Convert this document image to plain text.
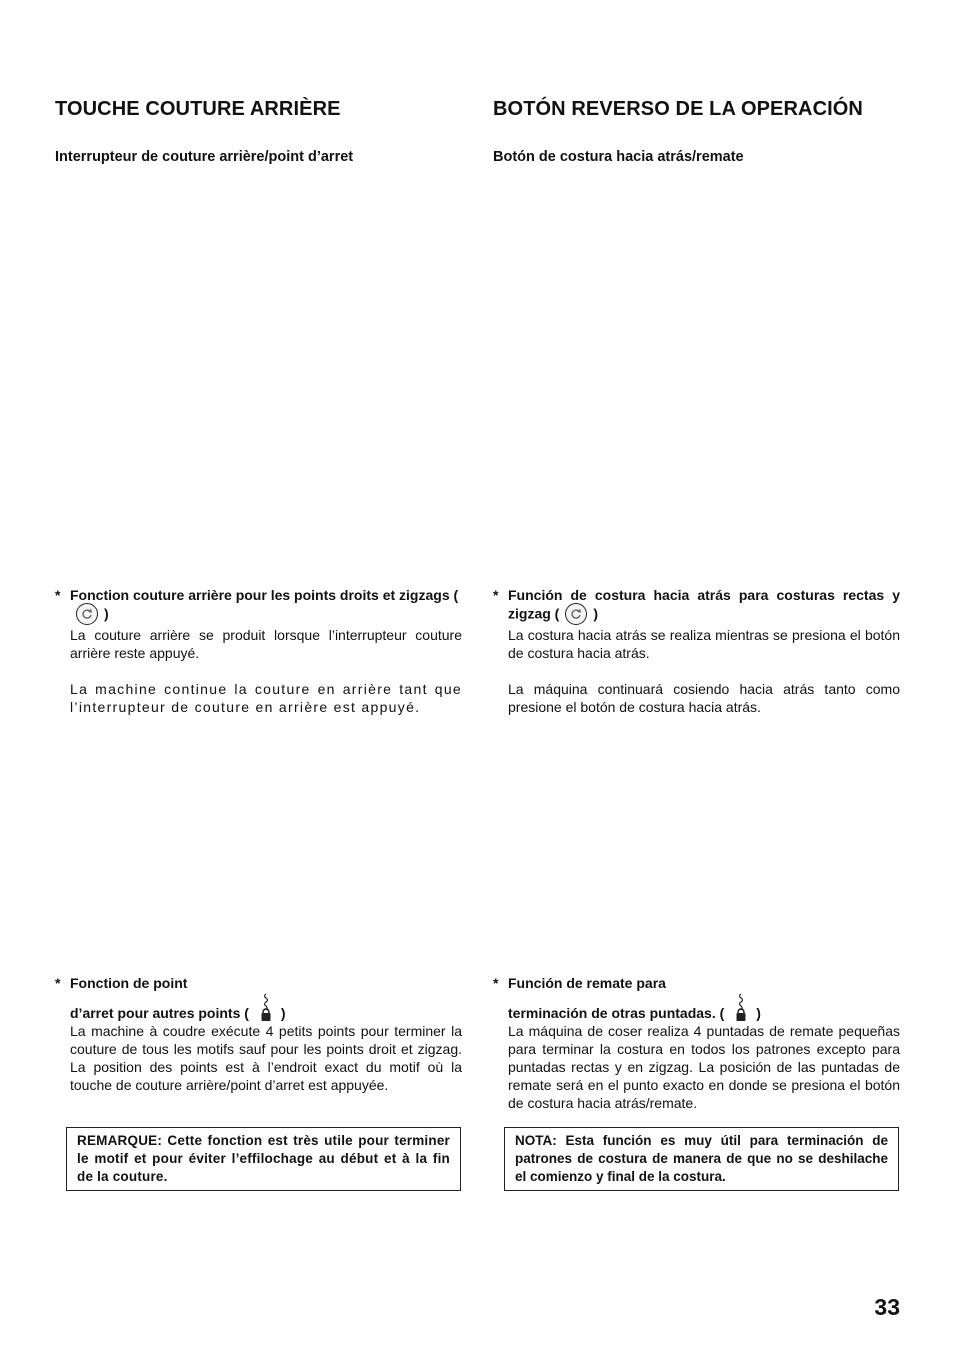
TOUCHE COUTURE ARRIÈRE
Interrupteur de couture arrière/point d’arret
* Fonction couture arrière pour les points droits et zigzags (
)

La couture arrière se produit lorsque l’interrupteur couture arrière reste appuyé.

La machine continue la couture en arrière tant que l’interrupteur de couture en arrière est appuyé.

* Fonction de point
d’arret pour autres points ( )

La machine à coudre exécute 4 petits points pour terminer la couture de tous les motifs sauf pour les points droit et zigzag. La position des points est à l’endroit exact du motif où la touche de couture arrière/point d’arret est appuyée.

REMARQUE: Cette fonction est très utile pour terminer le motif et pour éviter l’effilochage au début et à la fin de la couture.

BOTÓN REVERSO DE LA OPERACIÓN
Botón de costura hacia atrás/remate
* Función de costura hacia atrás para costuras rectas y zigzag ( )

La costura hacia atrás se realiza mientras se presiona el botón de costura hacia atrás.

La máquina continuará cosiendo hacia atrás tanto como presione el botón de costura hacia atrás.

* Función de remate para
terminación de otras puntadas. ( )

La máquina de coser realiza 4 puntadas de remate pequeñas para terminar la costura en todos los patrones excepto para puntadas rectas y en zigzag. La posición de las puntadas de remate será en el punto exacto en donde se presiona el botón de costura hacia atrás/remate.

NOTA: Esta función es muy útil para terminación de patrones de costura de manera de que no se deshilache el comienzo y final de la costura.

33
